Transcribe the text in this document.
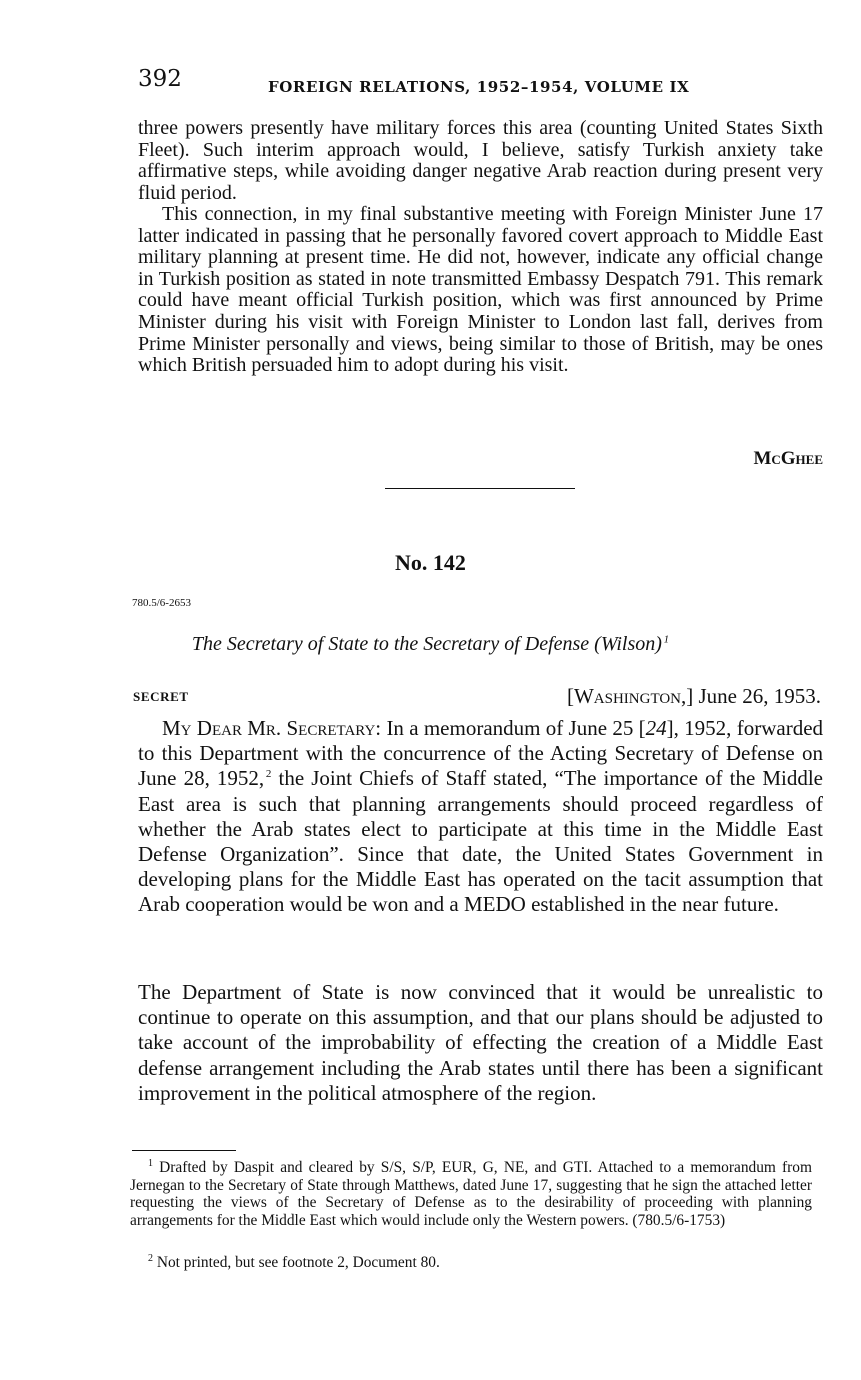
392	FOREIGN RELATIONS, 1952–1954, VOLUME IX

three powers presently have military forces this area (counting United States Sixth Fleet). Such interim approach would, I believe, satisfy Turkish anxiety take affirmative steps, while avoiding danger negative Arab reaction during present very fluid period.

This connection, in my final substantive meeting with Foreign Minister June 17 latter indicated in passing that he personally favored covert approach to Middle East military planning at present time. He did not, however, indicate any official change in Turkish position as stated in note transmitted Embassy Despatch 791. This remark could have meant official Turkish position, which was first announced by Prime Minister during his visit with Foreign Minister to London last fall, derives from Prime Minister personally and views, being similar to those of British, may be ones which British persuaded him to adopt during his visit.

McGhee
No. 142
780.5/6-2653
The Secretary of State to the Secretary of Defense (Wilson)  $^1$
SECRET	[Washington,] June 26, 1953.

My Dear Mr. Secretary: In a memorandum of June 25 [24], 1952, forwarded to this Department with the concurrence of the Acting Secretary of Defense on June 28, 1952,  $^2$ the Joint Chiefs of Staff stated, “The importance of the Middle East area is such that planning arrangements should proceed regardless of whether the Arab states elect to participate at this time in the Middle East Defense Organization”. Since that date, the United States Government in developing plans for the Middle East has operated on the tacit assumption that Arab cooperation would be won and a MEDO established in the near future.

The Department of State is now convinced that it would be unrealistic to continue to operate on this assumption, and that our plans should be adjusted to take account of the improbability of effecting the creation of a Middle East defense arrangement including the Arab states until there has been a significant improvement in the political atmosphere of the region.

$^1$ Drafted by Daspit and cleared by S/S, S/P, EUR, G, NE, and GTI. Attached to a memorandum from Jernegan to the Secretary of State through Matthews, dated June 17, suggesting that he sign the attached letter requesting the views of the Secretary of Defense as to the desirability of proceeding with planning arrangements for the Middle East which would include only the Western powers. (780.5/6-1753)

$^2$ Not printed, but see footnote 2, Document 80.
